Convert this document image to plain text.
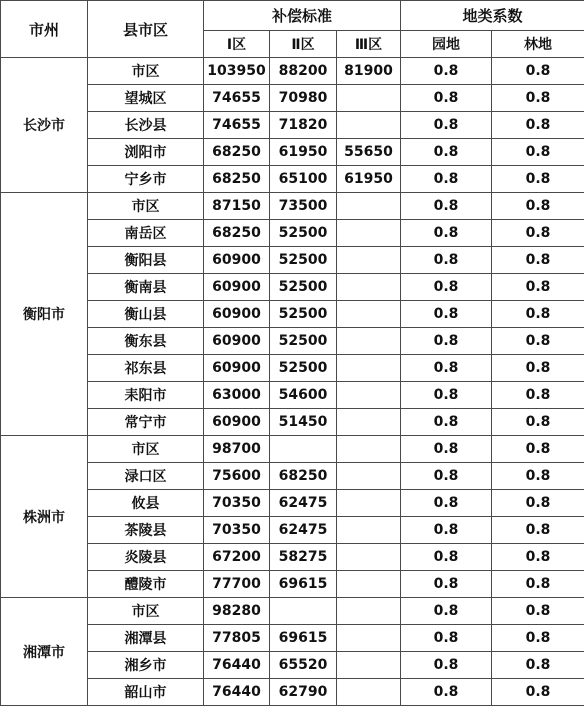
市州	县市区	补偿标准			地类系数	
		Ⅰ区	Ⅱ区	Ⅲ区	园地	林地
长沙市	市区	103950	88200	81900	0.8	0.8
	望城区	74655	70980		0.8	0.8
	长沙县	74655	71820		0.8	0.8
	浏阳市	68250	61950	55650	0.8	0.8
	宁乡市	68250	65100	61950	0.8	0.8
衡阳市	市区	87150	73500		0.8	0.8
	南岳区	68250	52500		0.8	0.8
	衡阳县	60900	52500		0.8	0.8
	衡南县	60900	52500		0.8	0.8
	衡山县	60900	52500		0.8	0.8
	衡东县	60900	52500		0.8	0.8
	祁东县	60900	52500		0.8	0.8
	耒阳市	63000	54600		0.8	0.8
	常宁市	60900	51450		0.8	0.8
株洲市	市区	98700			0.8	0.8
	渌口区	75600	68250		0.8	0.8
	攸县	70350	62475		0.8	0.8
	茶陵县	70350	62475		0.8	0.8
	炎陵县	67200	58275		0.8	0.8
	醴陵市	77700	69615		0.8	0.8
湘潭市	市区	98280			0.8	0.8
	湘潭县	77805	69615		0.8	0.8
	湘乡市	76440	65520		0.8	0.8
	韶山市	76440	62790		0.8	0.8
